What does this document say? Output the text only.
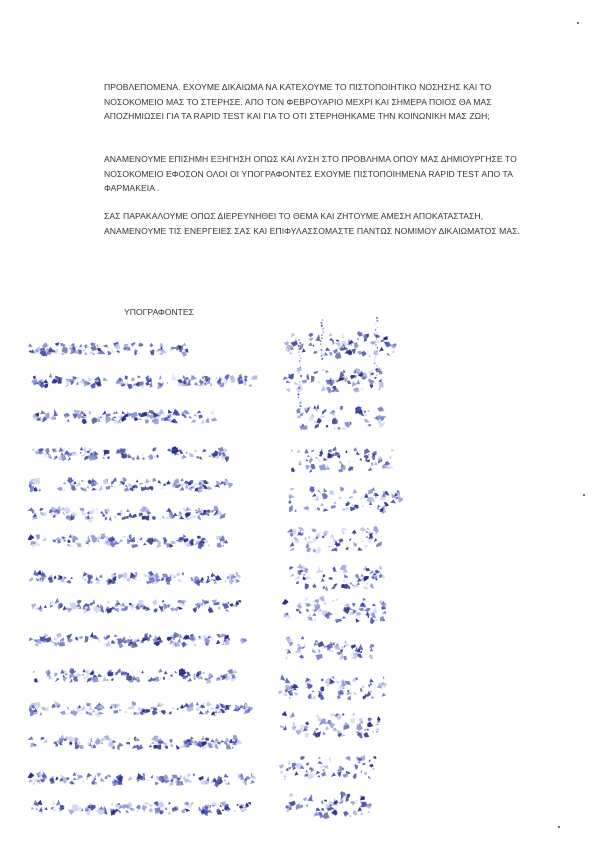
ΠΡΟΒΛΕΠΟΜΕΝΑ. ΕΧΟΥΜΕ ΔΙΚΑΙΩΜΑ ΝΑ ΚΑΤΕΧΟΥΜΕ ΤΟ ΠΙΣΤΟΠΟΙΗΤΙΚΟ ΝΟΣΗΣΗΣ ΚΑΙ ΤΟ ΝΟΣΟΚΟΜΕΙΟ ΜΑΣ ΤΟ ΣΤΕΡΗΣΕ. ΑΠΟ ΤΟΝ ΦΕΒΡΟΥΑΡΙΟ ΜΕΧΡΙ ΚΑΙ ΣΗΜΕΡΑ ΠΟΙΟΣ ΘΑ ΜΑΣ ΑΠΟΖΗΜΙΩΣΕΙ ΓΙΑ ΤΑ RAPID TEST ΚΑΙ ΓΙΑ ΤΟ ΟΤΙ ΣΤΕΡΗΘΗΚΑΜΕ ΤΗΝ ΚΟΙΝΩΝΙΚΗ ΜΑΣ ΖΩΗ;

ΑΝΑΜΕΝΟΥΜΕ ΕΠΙΣΗΜΗ ΕΞΗΓΗΣΗ ΟΠΩΣ ΚΑΙ ΛΥΣΗ ΣΤΟ ΠΡΟΒΛΗΜΑ ΟΠΟΥ ΜΑΣ ΔΗΜΙΟΥΡΓΗΣΕ ΤΟ ΝΟΣΟΚΟΜΕΙΟ ΕΦΟΣΟΝ ΟΛΟΙ ΟΙ ΥΠΟΓΡΑΦΟΝΤΕΣ ΕΧΟΥΜΕ ΠΙΣΤΟΠΟΙΗΜΕΝΑ RAPID TEST ΑΠΟ ΤΑ ΦΑΡΜΑΚΕΙΑ .

ΣΑΣ ΠΑΡΑΚΑΛΟΥΜΕ ΟΠΩΣ ΔΙΕΡΕΥΝΗΘΕΙ ΤΟ ΘΕΜΑ ΚΑΙ ΖΗΤΟΥΜΕ ΑΜΕΣΗ ΑΠΟΚΑΤΑΣΤΑΣΗ, ΑΝΑΜΕΝΟΥΜΕ ΤΙΣ ΕΝΕΡΓΕΙΕΣ ΣΑΣ ΚΑΙ ΕΠΙΦΥΛΑΣΣΟΜΑΣΤΕ ΠΑΝΤΩΣ ΝΟΜΙΜΟΥ ΔΙΚΑΙΩΜΑΤΟΣ ΜΑΣ.

ΥΠΟΓΡΑΦΟΝΤΕΣ
